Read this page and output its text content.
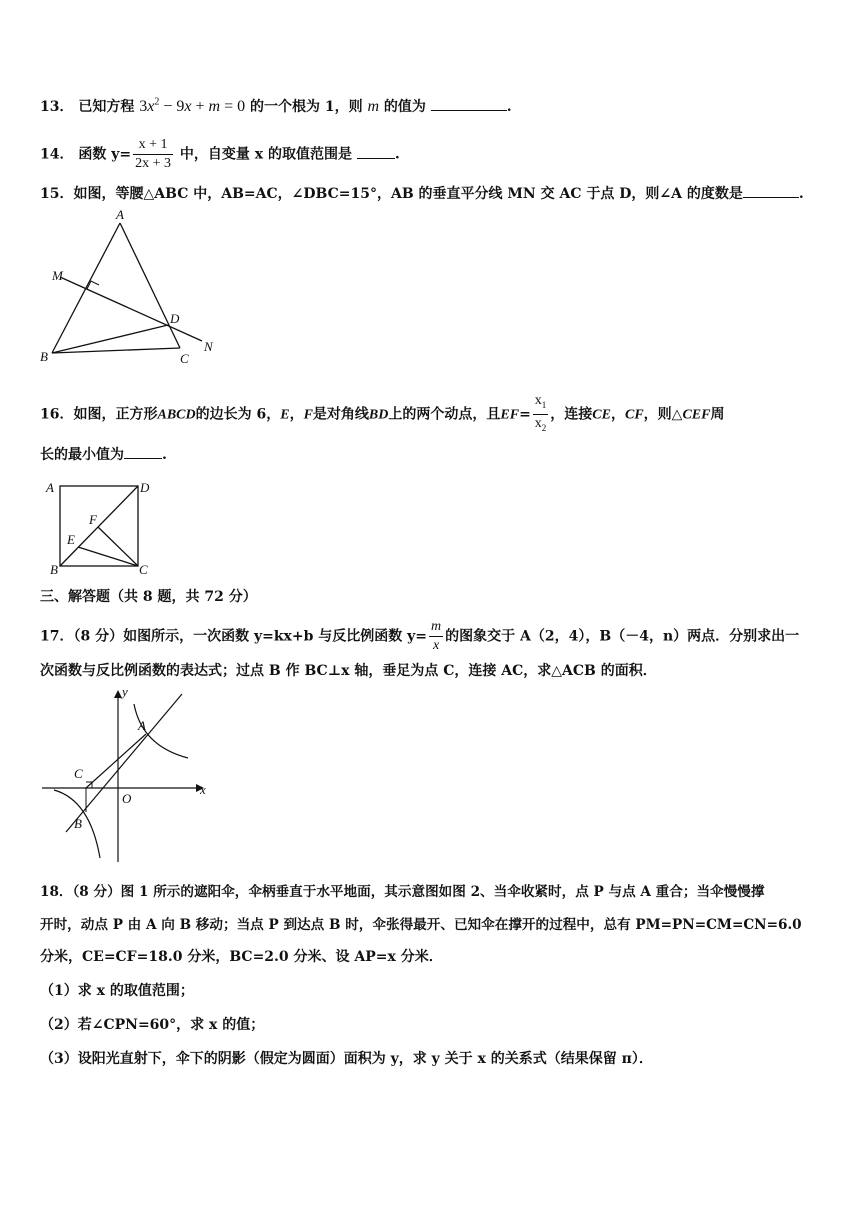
13． 已知方程 $3x^2 - 9x + m = 0$ 的一个根为 1，则 m 的值为	.
14． 函数 $y= \frac{x + 1}{2x + 3}$ 中，自变量 x 的取值范围是	.
15．如图，等腰△ABC 中，AB=AC，∠DBC=15°，AB 的垂直平分线 MN 交 AC 于点 D，则∠A 的度数是	.
A
M
D
B	C
N
16．如图，正方形ABCD的边长为 6，E，F是对角线BD上的两个动点，且$EF= \frac{x_1}{x_2}$ ，连接CE，CF，则△CEF周
长的最小值为	.
A	D
F
E
B	C
三、解答题（共 8 题，共 72 分）
17．（8 分）如图所示，一次函数 y=kx+b 与反比例函数 $y= \frac{m}{x}$ 的图象交于 A（2，4），B（－4，n）两点．分别求出一
次函数与反比例函数的表达式；过点 B 作 BC⊥x 轴，垂足为点 C，连接 AC，求△ACB 的面积．
y
x
A
C
O
B
18．（8 分）图 1 所示的遮阳伞，伞柄垂直于水平地面，其示意图如图 2、当伞收紧时，点 P 与点 A 重合；当伞慢慢撑
开时，动点 P 由 A 向 B 移动；当点 P 到达点 B 时，伞张得最开、已知伞在撑开的过程中，总有 PM=PN=CM=CN=6.0
分米，CE=CF=18.0 分米，BC=2.0 分米、设 AP=x 分米．
（1）求 x 的取值范围；
（2）若∠CPN=60°，求 x 的值；
（3）设阳光直射下，伞下的阴影（假定为圆面）面积为 y，求 y 关于 x 的关系式（结果保留 π）．
